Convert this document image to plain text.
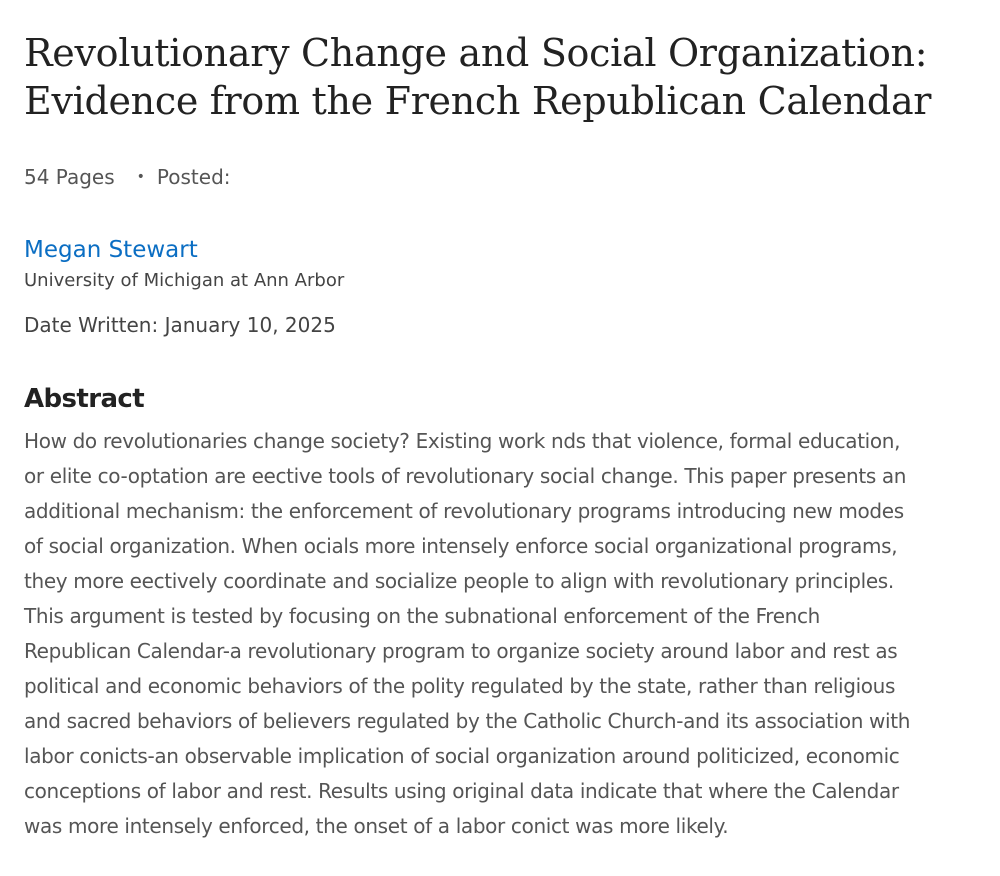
Revolutionary Change and Social Organization:
Evidence from the French Republican Calendar
54 Pages • Posted:
Megan Stewart
University of Michigan at Ann Arbor
Date Written: January 10, 2025
Abstract
How do revolutionaries change society? Existing work nds that violence, formal education,
or elite co-optation are eective tools of revolutionary social change. This paper presents an
additional mechanism: the enforcement of revolutionary programs introducing new modes
of social organization. When ocials more intensely enforce social organizational programs,
they more eectively coordinate and socialize people to align with revolutionary principles.
This argument is tested by focusing on the subnational enforcement of the French
Republican Calendar-a revolutionary program to organize society around labor and rest as
political and economic behaviors of the polity regulated by the state, rather than religious
and sacred behaviors of believers regulated by the Catholic Church-and its association with
labor conicts-an observable implication of social organization around politicized, economic
conceptions of labor and rest. Results using original data indicate that where the Calendar
was more intensely enforced, the onset of a labor conict was more likely.
